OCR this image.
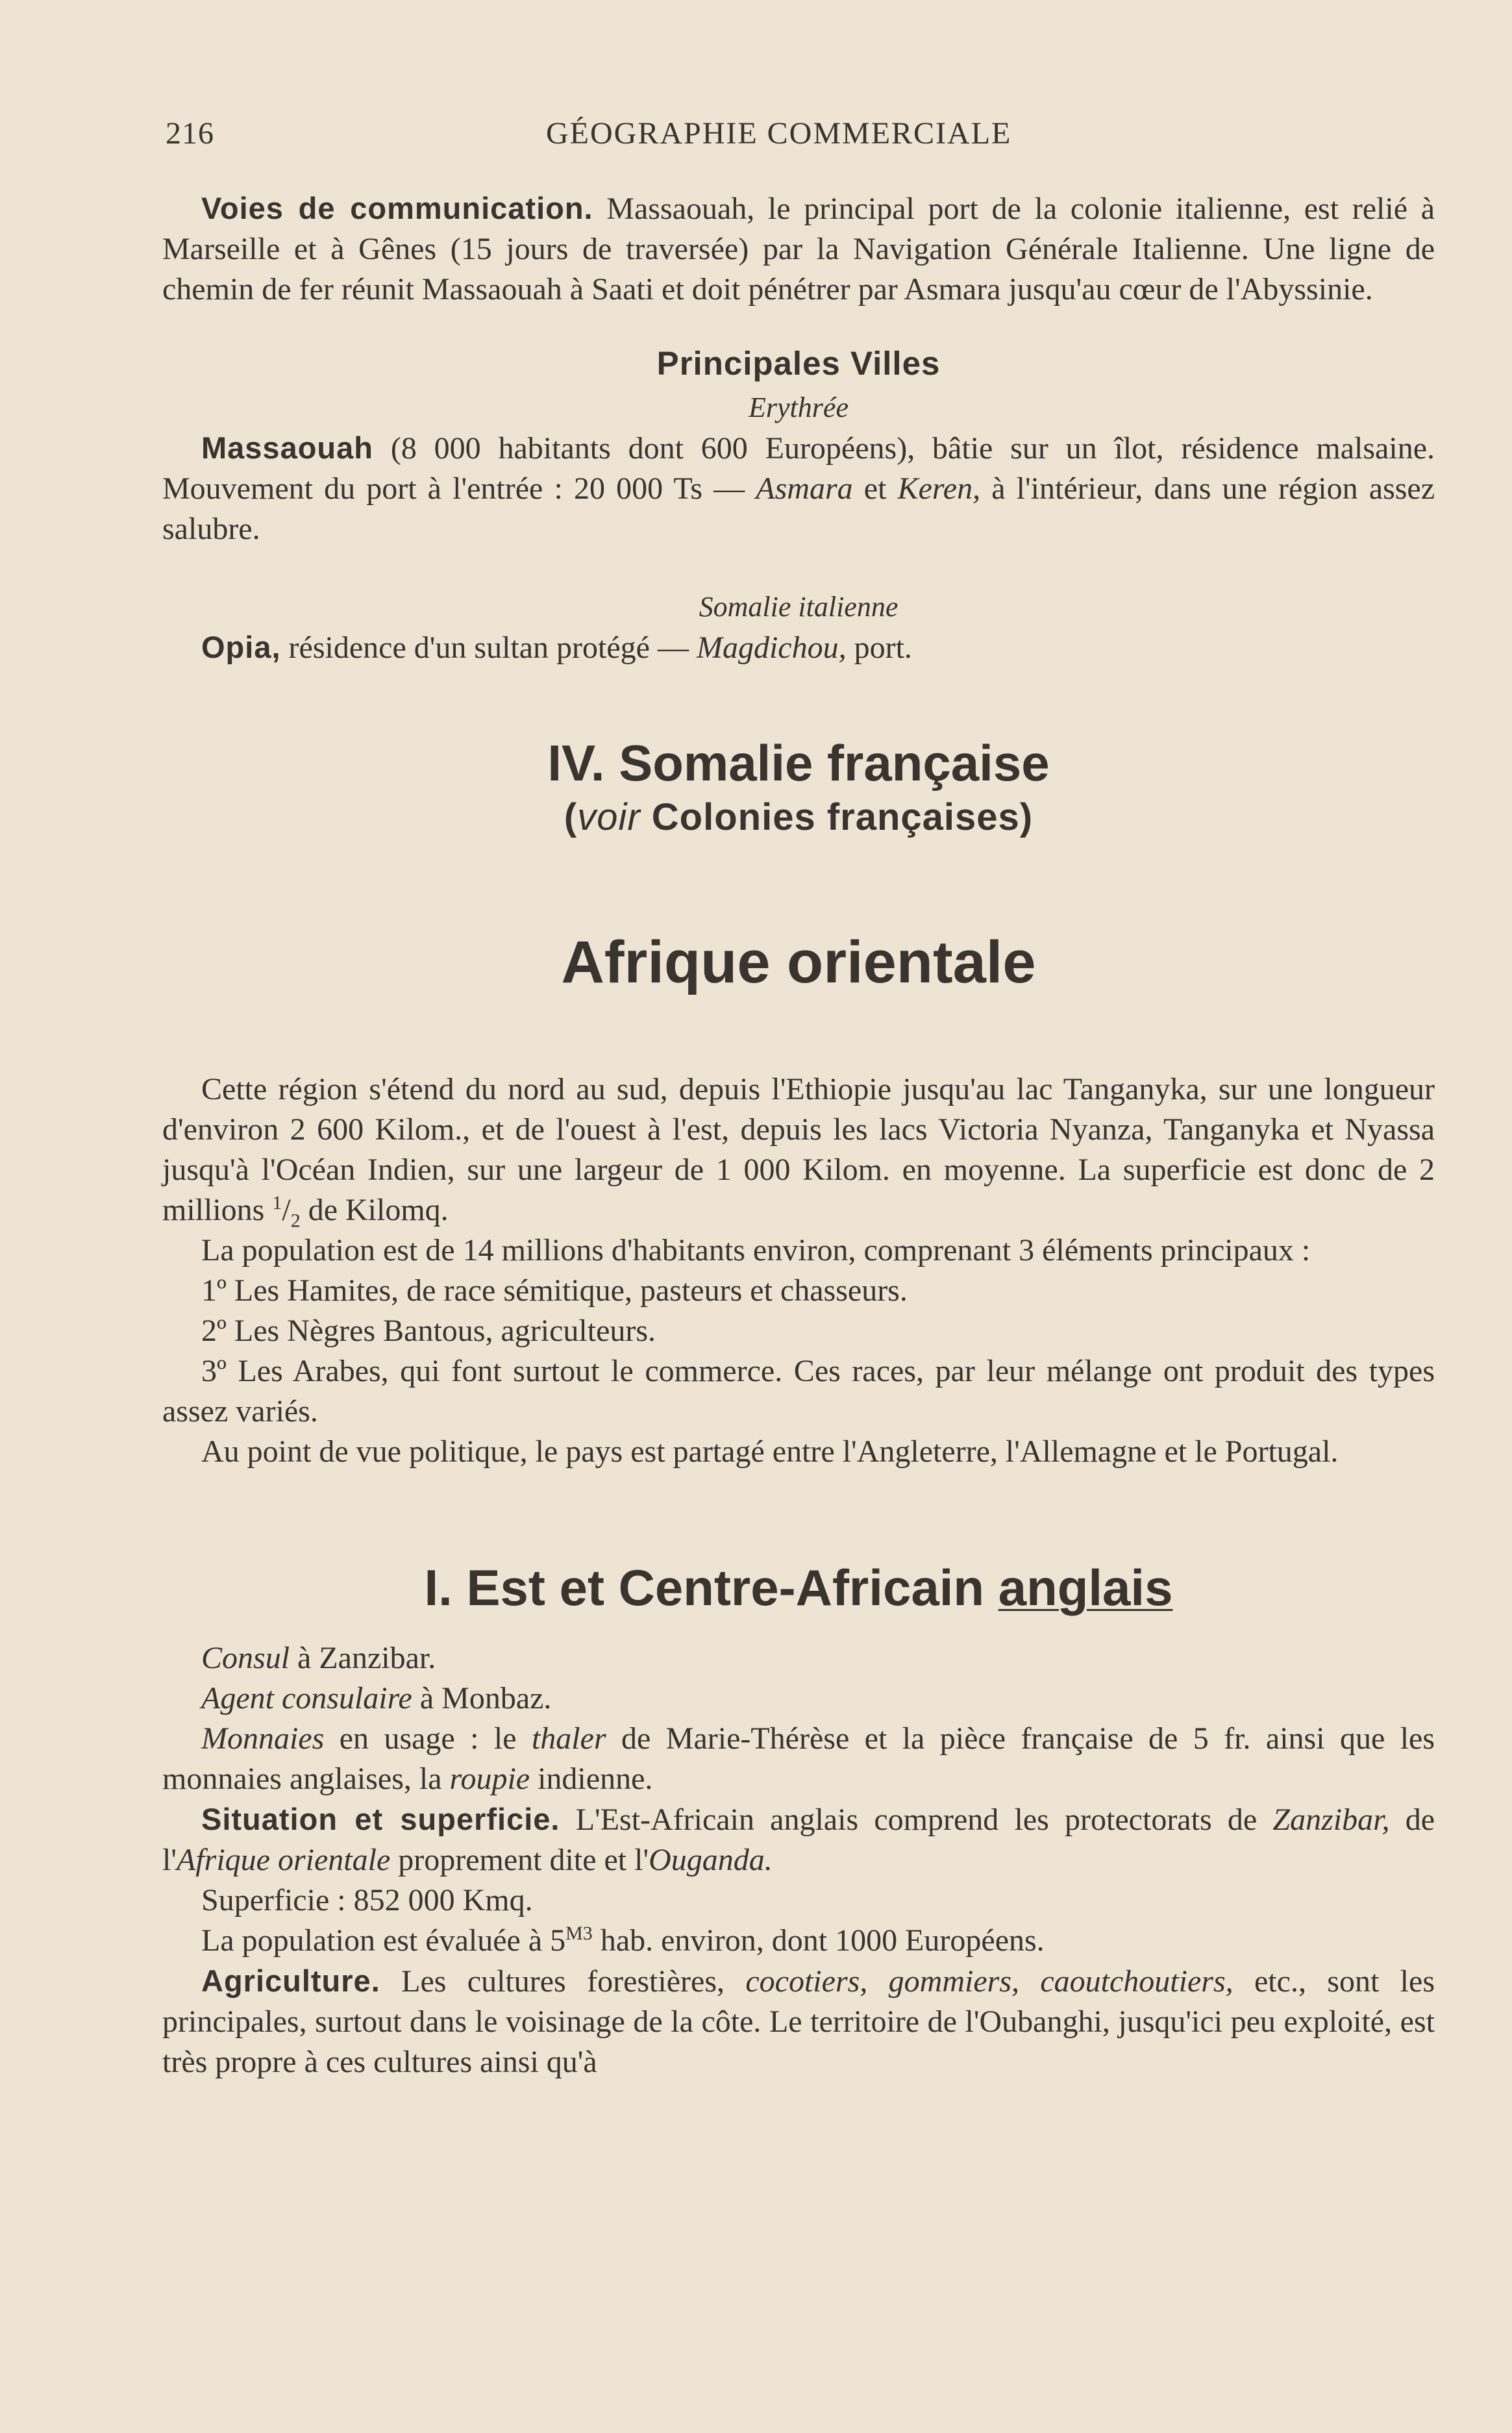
216	GÉOGRAPHIE COMMERCIALE

Voies de communication. Massaouah, le principal port de la colonie italienne, est relié à Marseille et à Gênes (15 jours de traversée) par la Navigation Générale Italienne. Une ligne de chemin de fer réunit Massaouah à Saati et doit pénétrer par Asmara jusqu'au cœur de l'Abyssinie.

Principales Villes

Erythrée

Massaouah (8 000 habitants dont 600 Européens), bâtie sur un îlot, résidence malsaine. Mouvement du port à l'entrée : 20 000 Ts — Asmara et Keren, à l'intérieur, dans une région assez salubre.

Somalie italienne

Opia, résidence d'un sultan protégé — Magdichou, port.

IV. Somalie française

(voir Colonies françaises)

Afrique orientale

Cette région s'étend du nord au sud, depuis l'Ethiopie jusqu'au lac Tanganyka, sur une longueur d'environ 2 600 Kilom., et de l'ouest à l'est, depuis les lacs Victoria Nyanza, Tanganyka et Nyassa jusqu'à l'Océan Indien, sur une largeur de 1 000 Kilom. en moyenne. La superficie est donc de 2 millions $^1/_2$ de Kilomq.

La population est de 14 millions d'habitants environ, comprenant 3 éléments principaux :

1º Les Hamites, de race sémitique, pasteurs et chasseurs.

2º Les Nègres Bantous, agriculteurs.

3º Les Arabes, qui font surtout le commerce. Ces races, par leur mélange ont produit des types assez variés.

Au point de vue politique, le pays est partagé entre l'Angleterre, l'Allemagne et le Portugal.

I. Est et Centre-Africain anglais

Consul à Zanzibar.

Agent consulaire à Monbaz.

Monnaies en usage : le thaler de Marie-Thérèse et la pièce française de 5 fr. ainsi que les monnaies anglaises, la roupie indienne.

Situation et superficie. L'Est-Africain anglais comprend les protectorats de Zanzibar, de l'Afrique orientale proprement dite et l'Ouganda.

Superficie : 852 000 Kmq.

La population est évaluée à $5^{M3}$ hab. environ, dont 1000 Européens.

Agriculture. Les cultures forestières, cocotiers, gommiers, caoutchoutiers, etc., sont les principales, surtout dans le voisinage de la côte. Le territoire de l'Oubanghi, jusqu'ici peu exploité, est très propre à ces cultures ainsi qu'à
